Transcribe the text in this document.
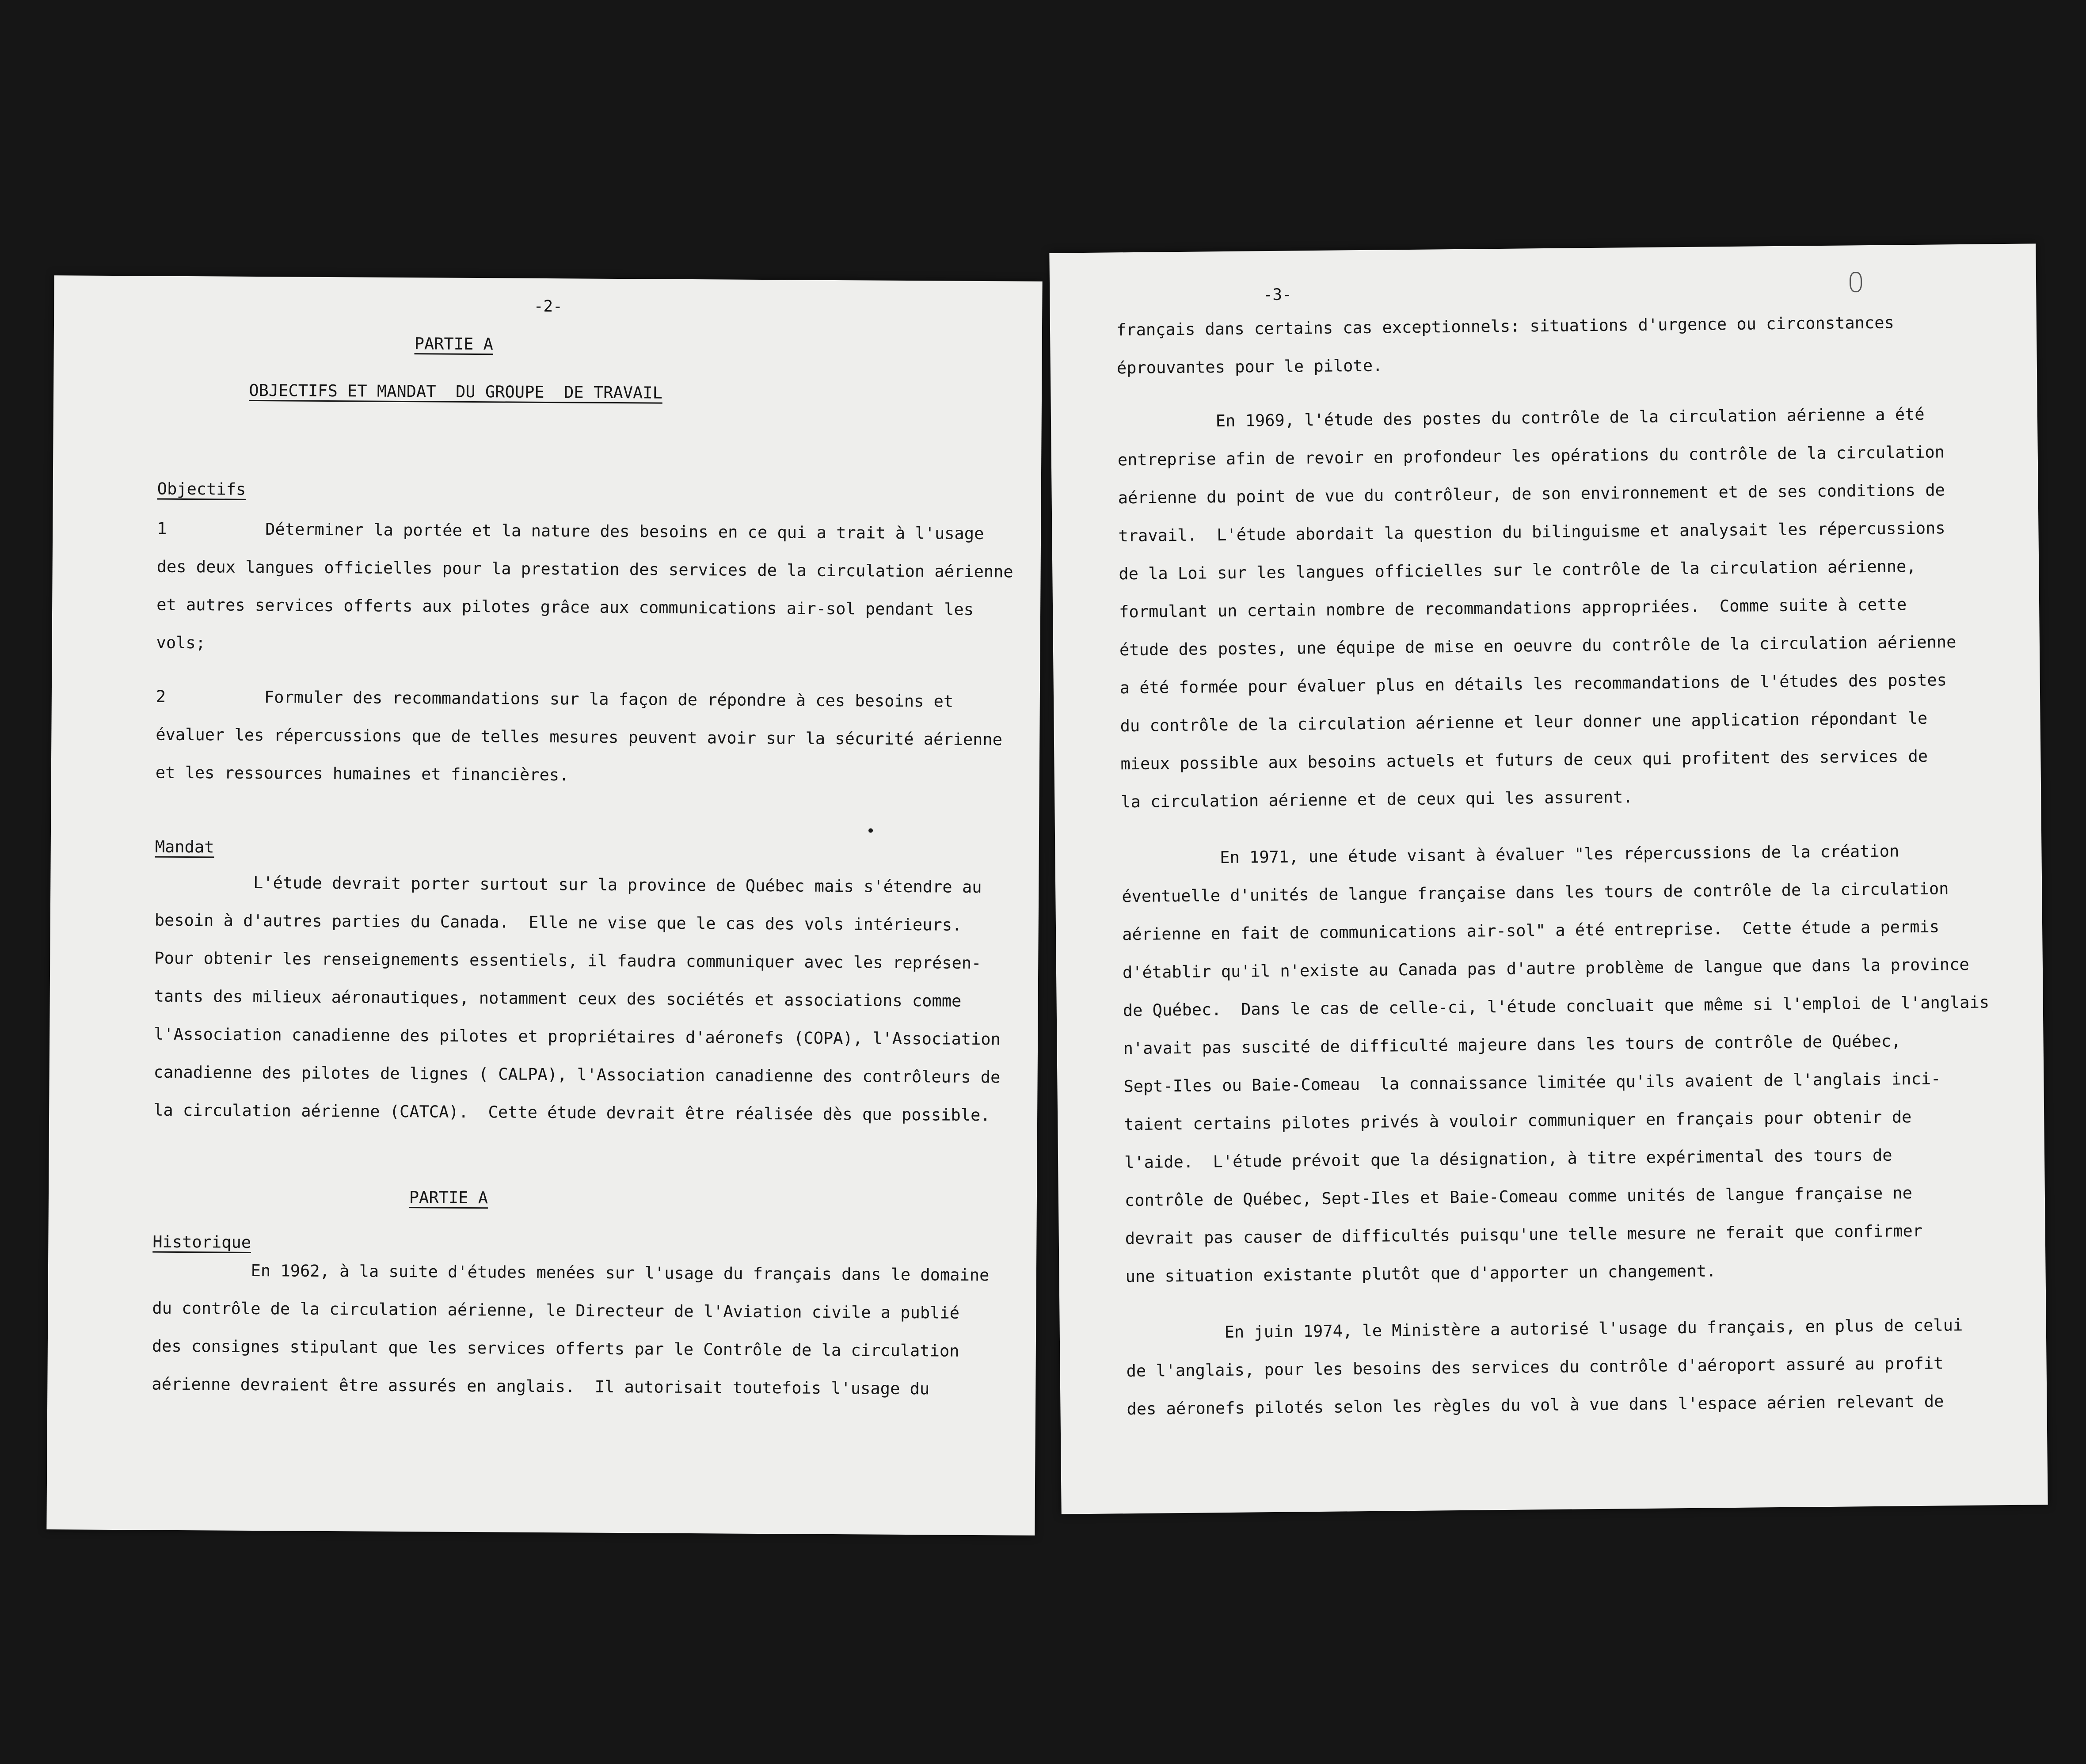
-2-
PARTIE A
OBJECTIFS ET MANDAT  DU GROUPE  DE TRAVAIL
Objectifs
1          Déterminer la portée et la nature des besoins en ce qui a trait à l'usage
des deux langues officielles pour la prestation des services de la circulation aérienne
et autres services offerts aux pilotes grâce aux communications air-sol pendant les
vols;
2          Formuler des recommandations sur la façon de répondre à ces besoins et
évaluer les répercussions que de telles mesures peuvent avoir sur la sécurité aérienne
et les ressources humaines et financières.
Mandat
L'étude devrait porter surtout sur la province de Québec mais s'étendre au
besoin à d'autres parties du Canada.  Elle ne vise que le cas des vols intérieurs.
Pour obtenir les renseignements essentiels, il faudra communiquer avec les représen-
tants des milieux aéronautiques, notamment ceux des sociétés et associations comme
l'Association canadienne des pilotes et propriétaires d'aéronefs (COPA), l'Association
canadienne des pilotes de lignes ( CALPA), l'Association canadienne des contrôleurs de
la circulation aérienne (CATCA).  Cette étude devrait être réalisée dès que possible.
PARTIE A
Historique
En 1962, à la suite d'études menées sur l'usage du français dans le domaine
du contrôle de la circulation aérienne, le Directeur de l'Aviation civile a publié
des consignes stipulant que les services offerts par le Contrôle de la circulation
aérienne devraient être assurés en anglais.  Il autorisait toutefois l'usage du
-3-
français dans certains cas exceptionnels: situations d'urgence ou circonstances
éprouvantes pour le pilote.
En 1969, l'étude des postes du contrôle de la circulation aérienne a été
entreprise afin de revoir en profondeur les opérations du contrôle de la circulation
aérienne du point de vue du contrôleur, de son environnement et de ses conditions de
travail.  L'étude abordait la question du bilinguisme et analysait les répercussions
de la Loi sur les langues officielles sur le contrôle de la circulation aérienne,
formulant un certain nombre de recommandations appropriées.  Comme suite à cette
étude des postes, une équipe de mise en oeuvre du contrôle de la circulation aérienne
a été formée pour évaluer plus en détails les recommandations de l'études des postes
du contrôle de la circulation aérienne et leur donner une application répondant le
mieux possible aux besoins actuels et futurs de ceux qui profitent des services de
la circulation aérienne et de ceux qui les assurent.
En 1971, une étude visant à évaluer "les répercussions de la création
éventuelle d'unités de langue française dans les tours de contrôle de la circulation
aérienne en fait de communications air-sol" a été entreprise.  Cette étude a permis
d'établir qu'il n'existe au Canada pas d'autre problème de langue que dans la province
de Québec.  Dans le cas de celle-ci, l'étude concluait que même si l'emploi de l'anglais
n'avait pas suscité de difficulté majeure dans les tours de contrôle de Québec,
Sept-Iles ou Baie-Comeau  la connaissance limitée qu'ils avaient de l'anglais inci-
taient certains pilotes privés à vouloir communiquer en français pour obtenir de
l'aide.  L'étude prévoit que la désignation, à titre expérimental des tours de
contrôle de Québec, Sept-Iles et Baie-Comeau comme unités de langue française ne
devrait pas causer de difficultés puisqu'une telle mesure ne ferait que confirmer
une situation existante plutôt que d'apporter un changement.
En juin 1974, le Ministère a autorisé l'usage du français, en plus de celui
de l'anglais, pour les besoins des services du contrôle d'aéroport assuré au profit
des aéronefs pilotés selon les règles du vol à vue dans l'espace aérien relevant de
